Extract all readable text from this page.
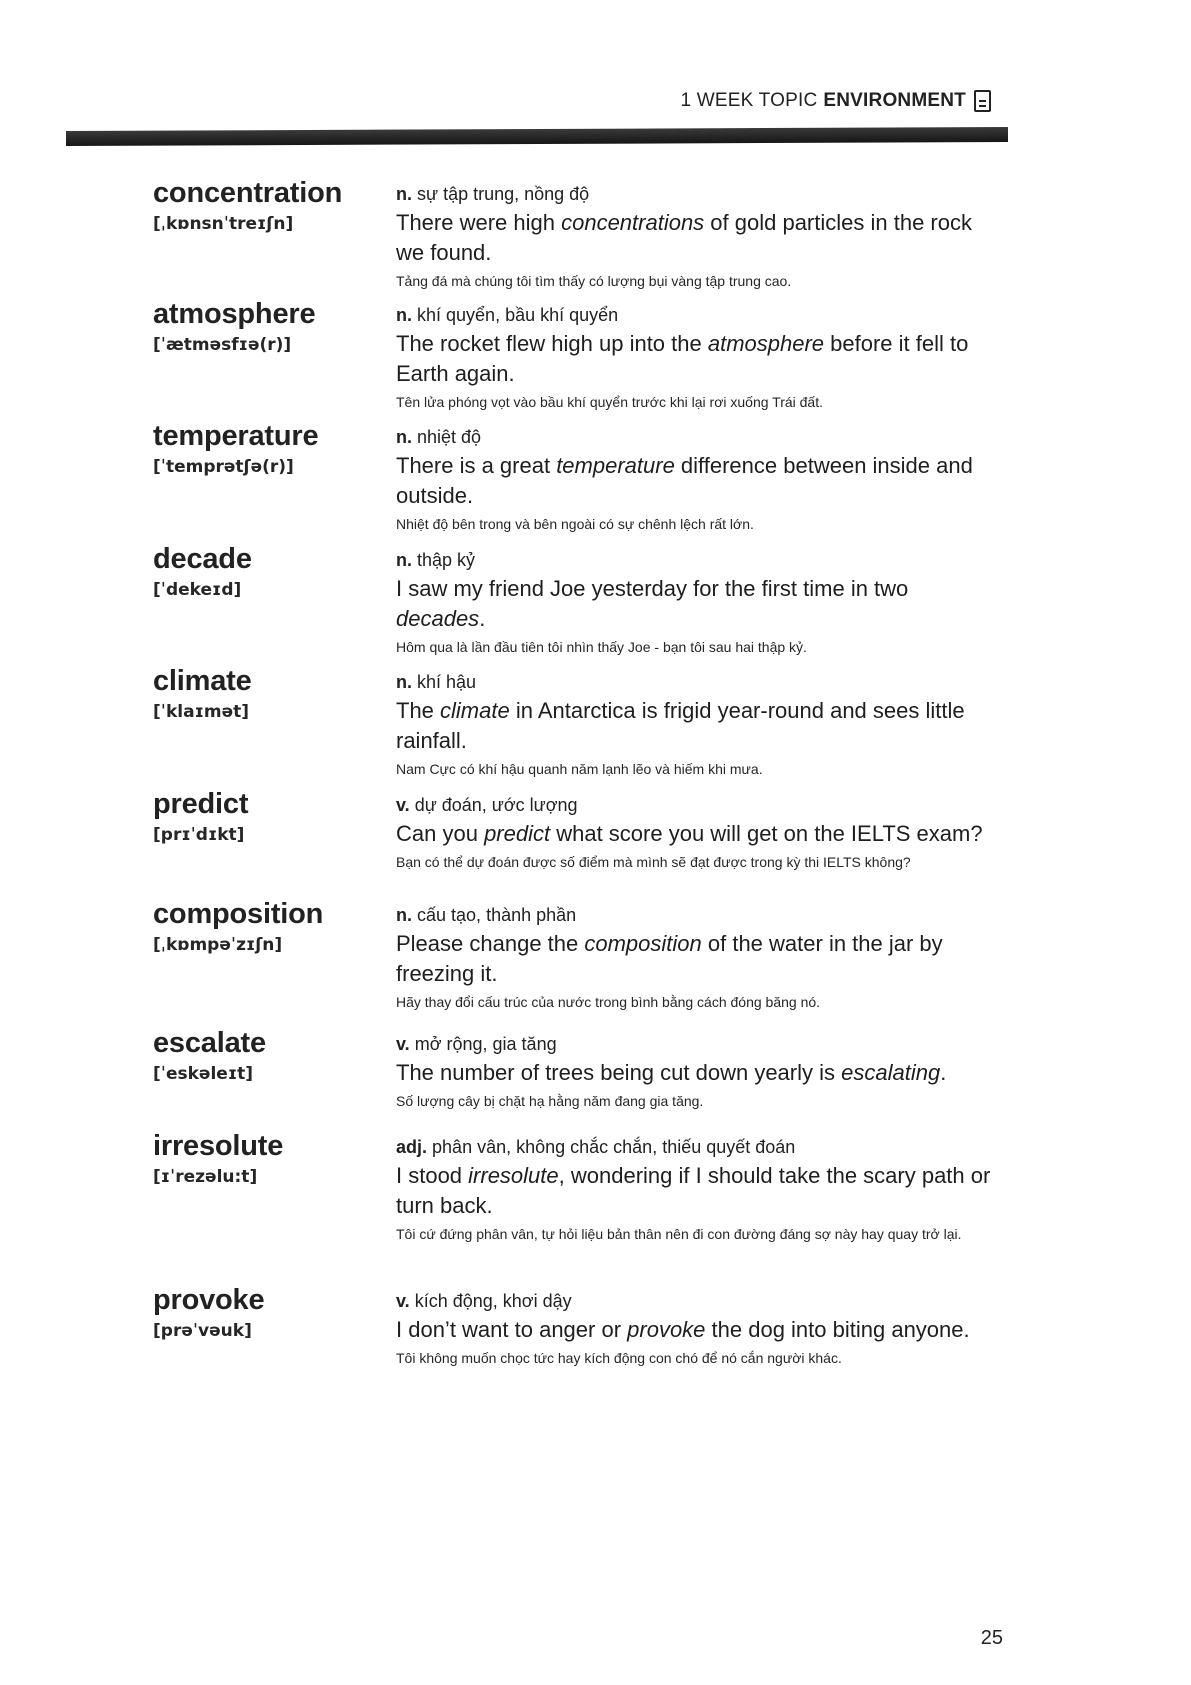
1 WEEK TOPIC ENVIRONMENT
concentration
[ˌkɒnsnˈtreɪʃn]
n. sự tập trung, nồng độ
There were high concentrations of gold particles in the rock we found.
Tảng đá mà chúng tôi tìm thấy có lượng bụi vàng tập trung cao.
atmosphere
[ˈætməsfɪə(r)]
n. khí quyển, bầu khí quyển
The rocket flew high up into the atmosphere before it fell to Earth again.
Tên lửa phóng vọt vào bầu khí quyển trước khi lại rơi xuống Trái đất.
temperature
[ˈtemprətʃə(r)]
n. nhiệt độ
There is a great temperature difference between inside and outside.
Nhiệt độ bên trong và bên ngoài có sự chênh lệch rất lớn.
decade
[ˈdekeɪd]
n. thập kỷ
I saw my friend Joe yesterday for the first time in two decades.
Hôm qua là lần đầu tiên tôi nhìn thấy Joe - bạn tôi sau hai thập kỷ.
climate
[ˈklaɪmət]
n. khí hậu
The climate in Antarctica is frigid year-round and sees little rainfall.
Nam Cực có khí hậu quanh năm lạnh lẽo và hiếm khi mưa.
predict
[prɪˈdɪkt]
v. dự đoán, ước lượng
Can you predict what score you will get on the IELTS exam?
Bạn có thể dự đoán được số điểm mà mình sẽ đạt được trong kỳ thi IELTS không?
composition
[ˌkɒmpəˈzɪʃn]
n. cấu tạo, thành phần
Please change the composition of the water in the jar by freezing it.
Hãy thay đổi cấu trúc của nước trong bình bằng cách đóng băng nó.
escalate
[ˈeskəleɪt]
v. mở rộng, gia tăng
The number of trees being cut down yearly is escalating.
Số lượng cây bị chặt hạ hằng năm đang gia tăng.
irresolute
[ɪˈrezəlu:t]
adj. phân vân, không chắc chắn, thiếu quyết đoán
I stood irresolute, wondering if I should take the scary path or turn back.
Tôi cứ đứng phân vân, tự hỏi liệu bản thân nên đi con đường đáng sợ này hay quay trở lại.
provoke
[prəˈvəuk]
v. kích động, khơi dậy
I don’t want to anger or provoke the dog into biting anyone.
Tôi không muốn chọc tức hay kích động con chó để nó cắn người khác.
25
